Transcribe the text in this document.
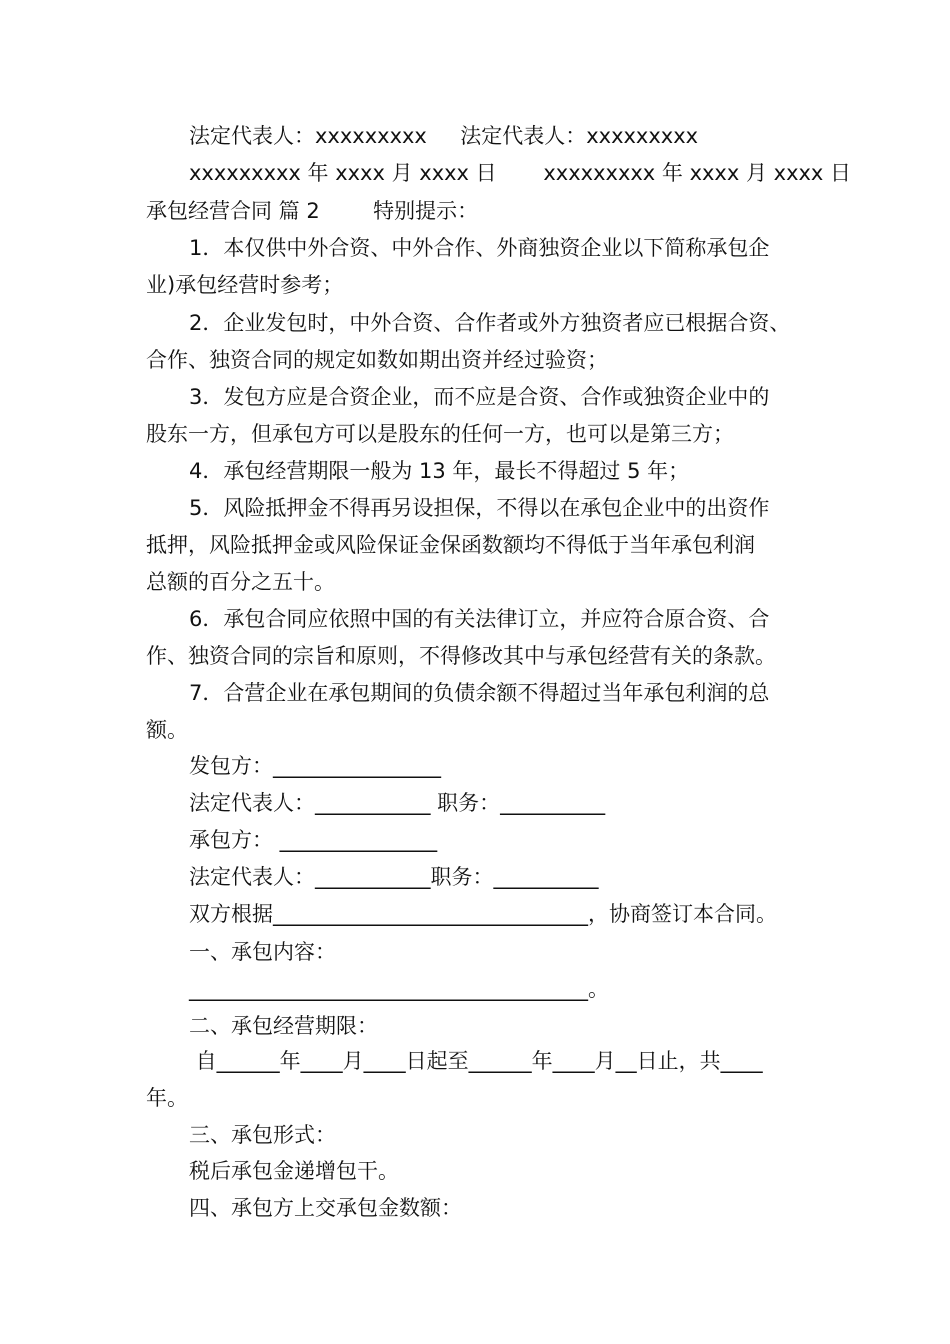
法定代表人：xxxxxxxxx     法定代表人：xxxxxxxxx
xxxxxxxxx 年 xxxx 月 xxxx 日       xxxxxxxxx 年 xxxx 月 xxxx 日
承包经营合同 篇 2        特别提示：
1．本仅供中外合资、中外合作、外商独资企业以下简称承包企
业)承包经营时参考；
2．企业发包时，中外合资、合作者或外方独资者应已根据合资、
合作、独资合同的规定如数如期出资并经过验资；
3．发包方应是合资企业，而不应是合资、合作或独资企业中的
股东一方，但承包方可以是股东的任何一方，也可以是第三方；
4．承包经营期限一般为 13 年，最长不得超过 5 年；
5．风险抵押金不得再另设担保，不得以在承包企业中的出资作
抵押，风险抵押金或风险保证金保函数额均不得低于当年承包利润
总额的百分之五十。
6．承包合同应依照中国的有关法律订立，并应符合原合资、合
作、独资合同的宗旨和原则，不得修改其中与承包经营有关的条款。
7．合营企业在承包期间的负债余额不得超过当年承包利润的总
额。
发包方：________________
法定代表人：___________ 职务：__________
承包方： _______________
法定代表人：___________职务：__________
双方根据______________________________，协商签订本合同。
一、承包内容：
______________________________________。
二、承包经营期限：
自______年____月____日起至______年____月__日止，共____
年。
三、承包形式：
税后承包金递增包干。
四、承包方上交承包金数额：
